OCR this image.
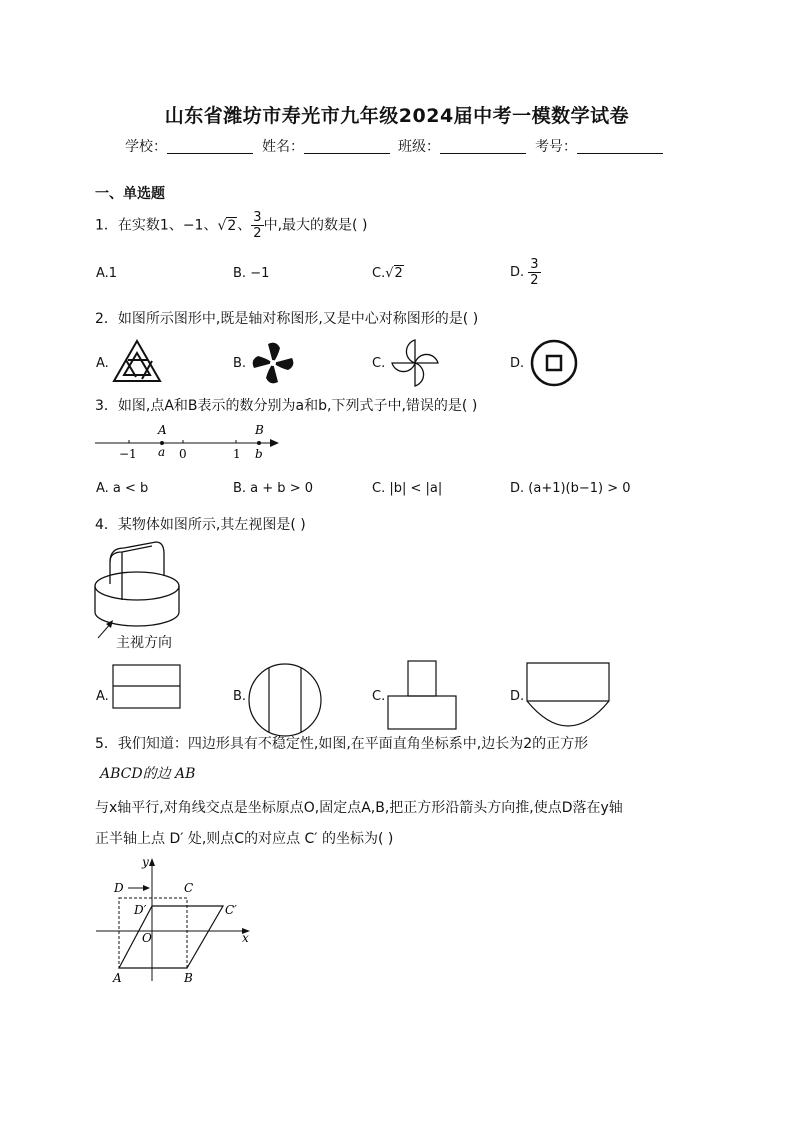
山东省潍坊市寿光市九年级2024届中考一模数学试卷
学校：	姓名：	班级：	考号：
一、单选题
1．在实数1、−1、√2、 $\frac{3}{2}$ 中,最大的数是( )
A.1	B. −1	C.√2	D. $\frac{3}{2}$
2．如图所示图形中,既是轴对称图形,又是中心对称图形的是( )
A.	B.	C.	D.
3．如图,点A和B表示的数分别为a和b,下列式子中,错误的是( )
A	B
−1 a 0	1 b
A. a < b	B. a + b > 0	C. |b| < |a|	D. (a+1)(b−1) > 0
4．某物体如图所示,其左视图是( )
主视方向
A.	B.	C.	D.
5．我们知道：四边形具有不稳定性,如图,在平面直角坐标系中,边长为2的正方形
ABCD的边 AB
与x轴平行,对角线交点是坐标原点O,固定点A,B,把正方形沿箭头方向推,使点D落在y轴
正半轴上点 D′ 处,则点C的对应点 C′ 的坐标为( )
D	C
D′	C′
O
A	B
x
y
